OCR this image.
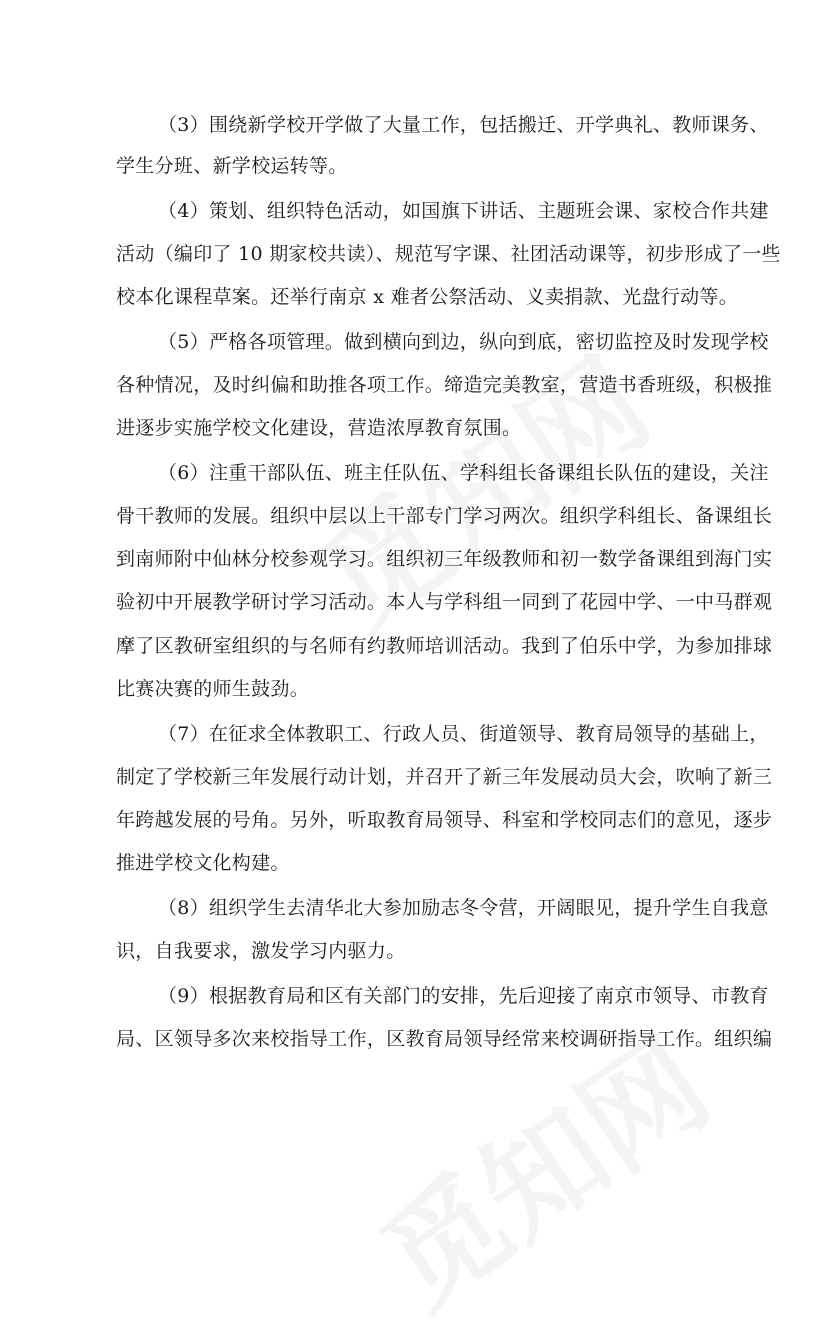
（3）围绕新学校开学做了大量工作，包括搬迁、开学典礼、教师课务、
学生分班、新学校运转等。
（4）策划、组织特色活动，如国旗下讲话、主题班会课、家校合作共建
活动（编印了 10 期家校共读）、规范写字课、社团活动课等，初步形成了一些
校本化课程草案。还举行南京 x 难者公祭活动、义卖捐款、光盘行动等。
（5）严格各项管理。做到横向到边，纵向到底，密切监控及时发现学校
各种情况，及时纠偏和助推各项工作。缔造完美教室，营造书香班级，积极推
进逐步实施学校文化建设，营造浓厚教育氛围。
（6）注重干部队伍、班主任队伍、学科组长备课组长队伍的建设，关注
骨干教师的发展。组织中层以上干部专门学习两次。组织学科组长、备课组长
到南师附中仙林分校参观学习。组织初三年级教师和初一数学备课组到海门实
验初中开展教学研讨学习活动。本人与学科组一同到了花园中学、一中马群观
摩了区教研室组织的与名师有约教师培训活动。我到了伯乐中学，为参加排球
比赛决赛的师生鼓劲。
（7）在征求全体教职工、行政人员、街道领导、教育局领导的基础上，
制定了学校新三年发展行动计划，并召开了新三年发展动员大会，吹响了新三
年跨越发展的号角。另外，听取教育局领导、科室和学校同志们的意见，逐步
推进学校文化构建。
（8）组织学生去清华北大参加励志冬令营，开阔眼见，提升学生自我意
识，自我要求，激发学习内驱力。
（9）根据教育局和区有关部门的安排，先后迎接了南京市领导、市教育
局、区领导多次来校指导工作，区教育局领导经常来校调研指导工作。组织编
